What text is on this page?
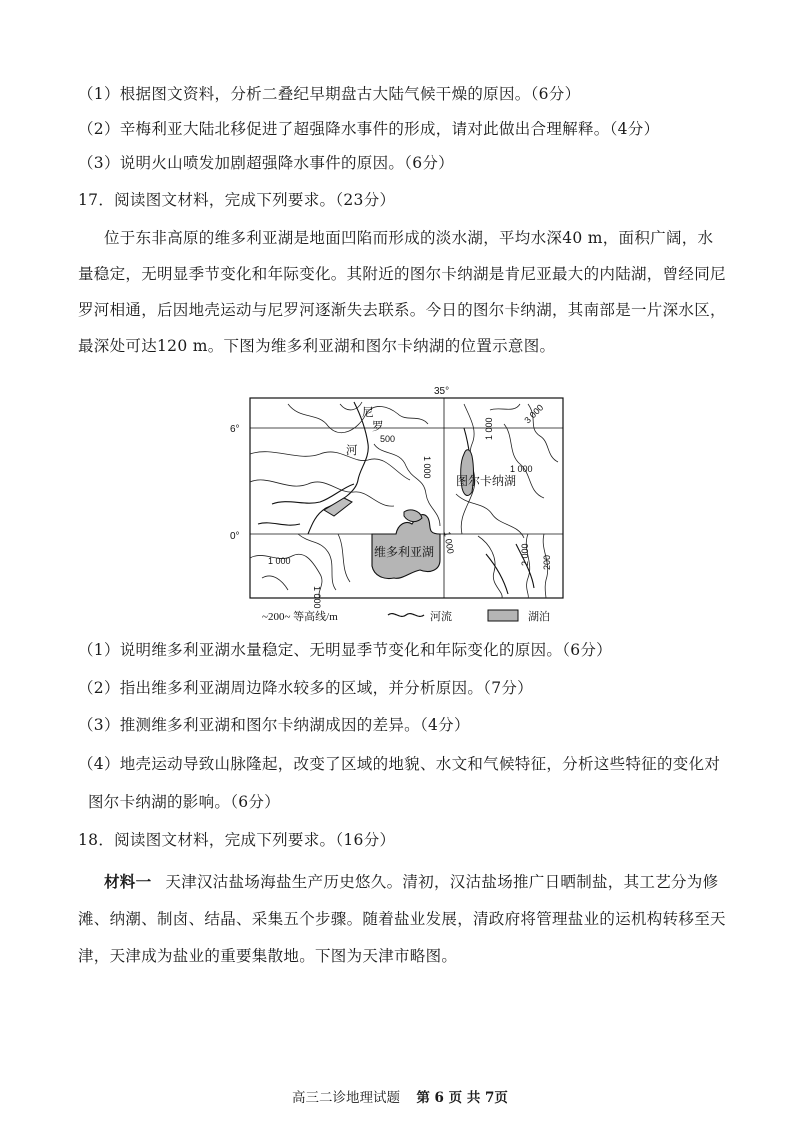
（1）根据图文资料，分析二叠纪早期盘古大陆气候干燥的原因。（6分）
（2）辛梅利亚大陆北移促进了超强降水事件的形成，请对此做出合理解释。（4分）
（3）说明火山喷发加剧超强降水事件的原因。（6分）
17．阅读图文材料，完成下列要求。（23分）
位于东非高原的维多利亚湖是地面凹陷而形成的淡水湖，平均水深40 m，面积广阔，水
量稳定，无明显季节变化和年际变化。其附近的图尔卡纳湖是肯尼亚最大的内陆湖，曾经同尼
罗河相通，后因地壳运动与尼罗河逐渐失去联系。今日的图尔卡纳湖，其南部是一片深水区，
最深处可达120 m。下图为维多利亚湖和图尔卡纳湖的位置示意图。
35°
6°
0°
尼
罗
河
图尔卡纳湖
维多利亚湖
500
1 000
3 000
1 000
1 000
1 000
1 000
1 000
2 000 200
~200~ 等高线/m	河流	湖泊
（1）说明维多利亚湖水量稳定、无明显季节变化和年际变化的原因。（6分）
（2）指出维多利亚湖周边降水较多的区域，并分析原因。（7分）
（3）推测维多利亚湖和图尔卡纳湖成因的差异。（4分）
（4）地壳运动导致山脉隆起，改变了区域的地貌、水文和气候特征，分析这些特征的变化对
图尔卡纳湖的影响。（6分）
18．阅读图文材料，完成下列要求。（16分）
材料一 天津汉沽盐场海盐生产历史悠久。清初，汉沽盐场推广日晒制盐，其工艺分为修
滩、纳潮、制卤、结晶、采集五个步骤。随着盐业发展，清政府将管理盐业的运机构转移至天
津，天津成为盐业的重要集散地。下图为天津市略图。
高三二诊地理试题 第 6 页 共 7页
